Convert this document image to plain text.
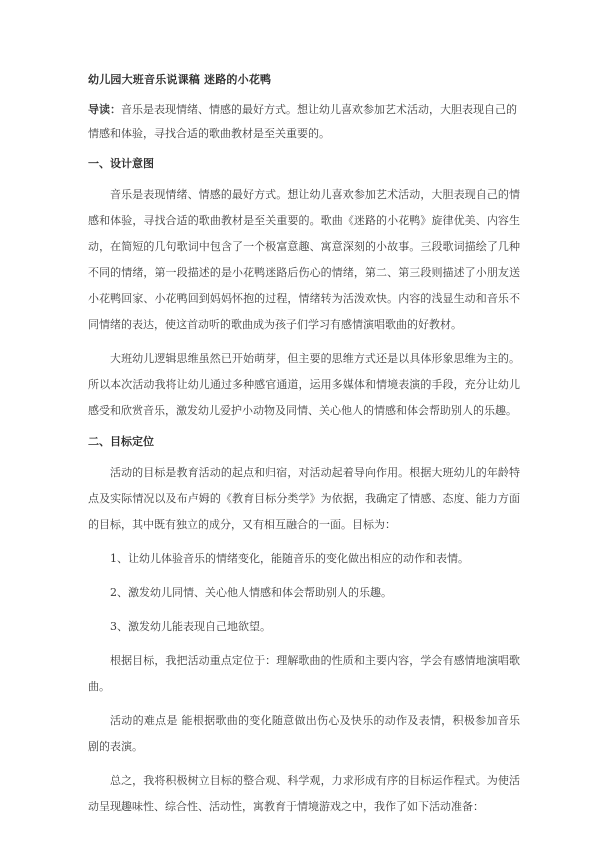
幼儿园大班音乐说课稿 迷路的小花鸭
导读：音乐是表现情绪、情感的最好方式。想让幼儿喜欢参加艺术活动，大胆表现自己的情感和体验，寻找合适的歌曲教材是至关重要的。
一、设计意图

音乐是表现情绪、情感的最好方式。想让幼儿喜欢参加艺术活动，大胆表现自己的情感和体验，寻找合适的歌曲教材是至关重要的。歌曲《迷路的小花鸭》旋律优美、内容生动，在简短的几句歌词中包含了一个极富意趣、寓意深刻的小故事。三段歌词描绘了几种不同的情绪，第一段描述的是小花鸭迷路后伤心的情绪，第二、第三段则描述了小朋友送小花鸭回家、小花鸭回到妈妈怀抱的过程，情绪转为活泼欢快。内容的浅显生动和音乐不同情绪的表达，使这首动听的歌曲成为孩子们学习有感情演唱歌曲的好教材。

大班幼儿逻辑思维虽然已开始萌芽，但主要的思维方式还是以具体形象思维为主的。所以本次活动我将让幼儿通过多种感官通道，运用多媒体和情境表演的手段，充分让幼儿感受和欣赏音乐，激发幼儿爱护小动物及同情、关心他人的情感和体会帮助别人的乐趣。

二、目标定位

活动的目标是教育活动的起点和归宿，对活动起着导向作用。根据大班幼儿的年龄特点及实际情况以及布卢姆的《教育目标分类学》为依据，我确定了情感、态度、能力方面的目标，其中既有独立的成分，又有相互融合的一面。目标为：

1、让幼儿体验音乐的情绪变化，能随音乐的变化做出相应的动作和表情。

2、激发幼儿同情、关心他人情感和体会帮助别人的乐趣。

3、激发幼儿能表现自己地欲望。

根据目标，我把活动重点定位于：理解歌曲的性质和主要内容，学会有感情地演唱歌曲。

活动的难点是 能根据歌曲的变化随意做出伤心及快乐的动作及表情，积极参加音乐剧的表演。

总之，我将积极树立目标的整合观、科学观，力求形成有序的目标运作程式。为使活动呈现趣味性、综合性、活动性，寓教育于情境游戏之中，我作了如下活动准备：
